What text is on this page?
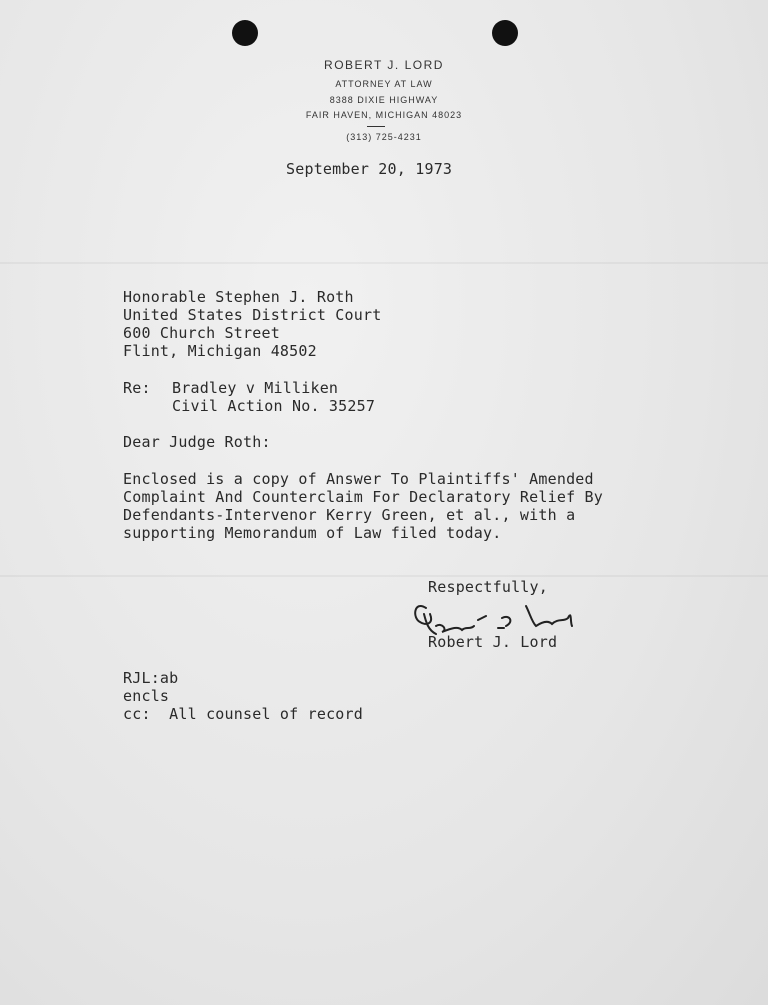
ROBERT J. LORD
ATTORNEY AT LAW
8388 DIXIE HIGHWAY
FAIR HAVEN, MICHIGAN 48023
(313) 725-4231
September 20, 1973
Honorable Stephen J. Roth
United States District Court
600 Church Street
Flint, Michigan 48502
Re: Bradley v Milliken
Civil Action No. 35257
Dear Judge Roth:
Enclosed is a copy of Answer To Plaintiffs' Amended
Complaint And Counterclaim For Declaratory Relief By
Defendants-Intervenor Kerry Green, et al., with a
supporting Memorandum of Law filed today.
Respectfully,
Robert J. Lord
RJL:ab
encls
cc:  All counsel of record
